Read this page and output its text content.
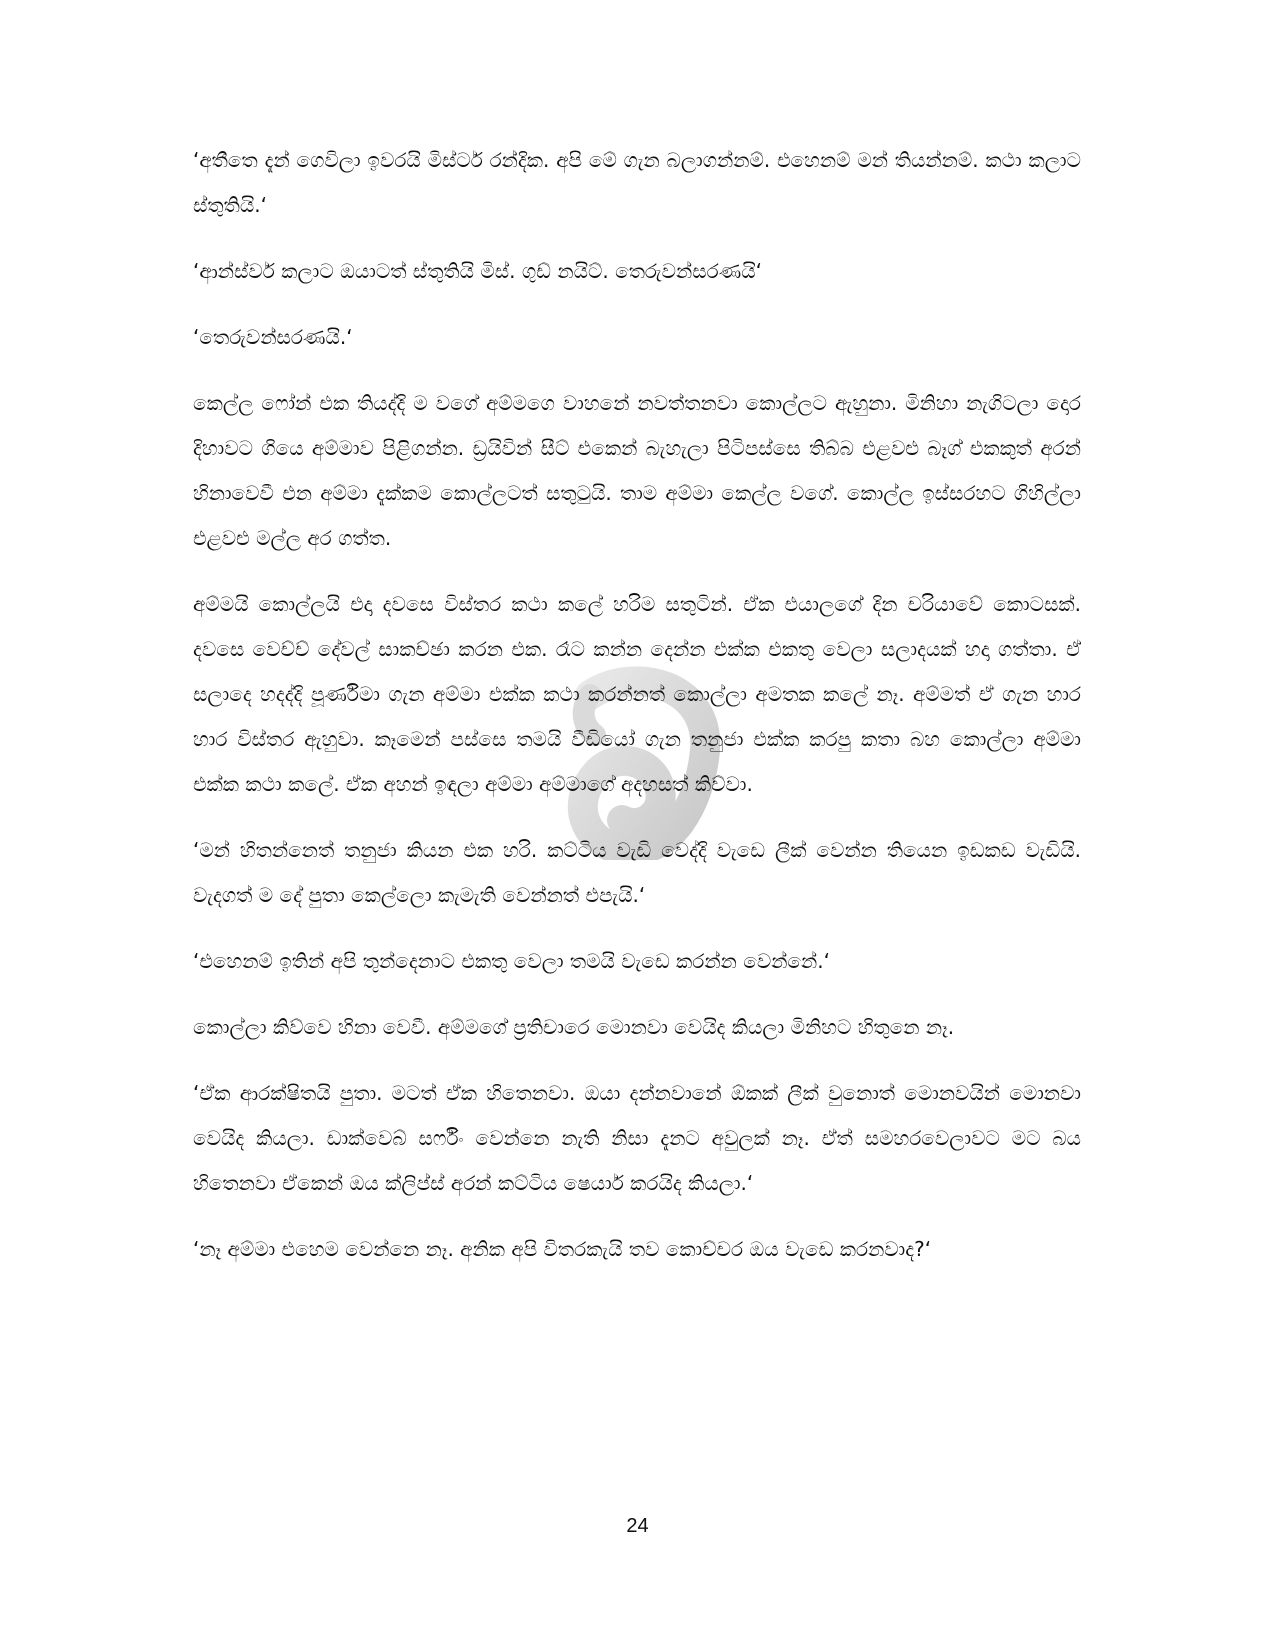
‘අතීතෙ දැන් ගෙවිලා ඉවරයි මිස්ටර් රන්දික. අපි මේ ගැන බලාගන්නම්. එහෙනම් මන් තියන්නම්. කථා කලාට ස්තුතියි.‘

‘ආන්ස්වර් කලාට ඔයාටත් ස්තුතියි මිස්. ගුඩ් නයිට්. තෙරුවන්සරණයි‘

‘තෙරුවන්සරණයි.‘

කෙල්ල ෆෝන් එක තියද්දි ම වගේ අම්මගෙ වාහනේ නවත්තනවා කොල්ලට ඇහුනා. මිනිහා නැගිටලා දොර දිහාවට ගියෙ අම්මාව පිළිගන්න. ඩ්‍රයිවින් සීට් එකෙන් බැහැලා පිටිපස්සෙ තිබ්බ එළවළු බෑග් එකකුත් අරන් හිනාවෙවී එන අම්මා දැක්කම කොල්ලටත් සතුටුයි. තාම අම්මා කෙල්ල වගේ. කොල්ල ඉස්සරහට ගිහිල්ලා එළවළු මල්ල අර ගත්ත.

අම්මයි කොල්ලයි එදා දවසෙ විස්තර කථා කලේ හරිම සතුටින්. ඒක එයාලගේ දින චරියාවේ කොටසක්. දවසෙ වෙච්ච් දේවල් සාකච්ඡා කරන එක. රෑට කන්න දෙන්න එක්ක එකතු වෙලා සලාදයක් හදා ගත්තා. ඒ සලාදෙ හදද්දි පූර්ණිමා ගැන අම්මා එක්ක කථා කරන්නත් කොල්ලා අමතක කලේ නෑ. අම්මත් ඒ ගැන හාර හාර විස්තර ඇහුවා. කෑමෙන් පස්සෙ තමයි වීඩියෝ ගැන තනුජා එක්ක කරපු කතා බහ කොල්ලා අම්මා එක්ක කථා කලේ. ඒක අහන් ඉඳලා අම්මා අම්මාගේ අදහසත් කිව්වා.

‘මන් හිතන්නෙත් තනුජා කියන එක හරි. කට්ටිය වැඩි වෙද්දි වැඩෙ ලීක් වෙන්න තියෙන ඉඩකඩ වැඩියි. වැදගත් ම දේ පුතා කෙල්ලො කැමැති වෙන්නත් එපැයි.‘

‘එහෙනම් ඉතින් අපි තුන්දෙනාට එකතු වෙලා තමයි වැඩෙ කරන්න වෙන්නේ.‘

කොල්ලා කිව්වෙ හිනා වෙවී. අම්මගේ ප්‍රතිචාරෙ මොනවා වෙයිද කියලා මිනිහට හිතුනෙ නෑ.

‘ඒක ආරක්ෂිතයි පුතා. මටත් ඒක හිතෙනවා. ඔයා දන්නවානේ ඕකක් ලීක් වුනොත් මොනවයින් මොනවා වෙයිද කියලා. ඩාක්වෙබ් සර්ෆිං වෙන්නෙ නැති නිසා දැනට අවුලක් නෑ. ඒත් සමහරවෙලාවට මට බය හිතෙනවා ඒකෙන් ඔය ක්ලිප්ස් අරන් කට්ටිය ෂෙයාර් කරයිද කියලා.‘

‘නෑ අම්මා එහෙම වෙන්නෙ නෑ. අනික අපි විතරකැයි තව කොච්චර ඔය වැඩෙ කරනවාද?‘

24
